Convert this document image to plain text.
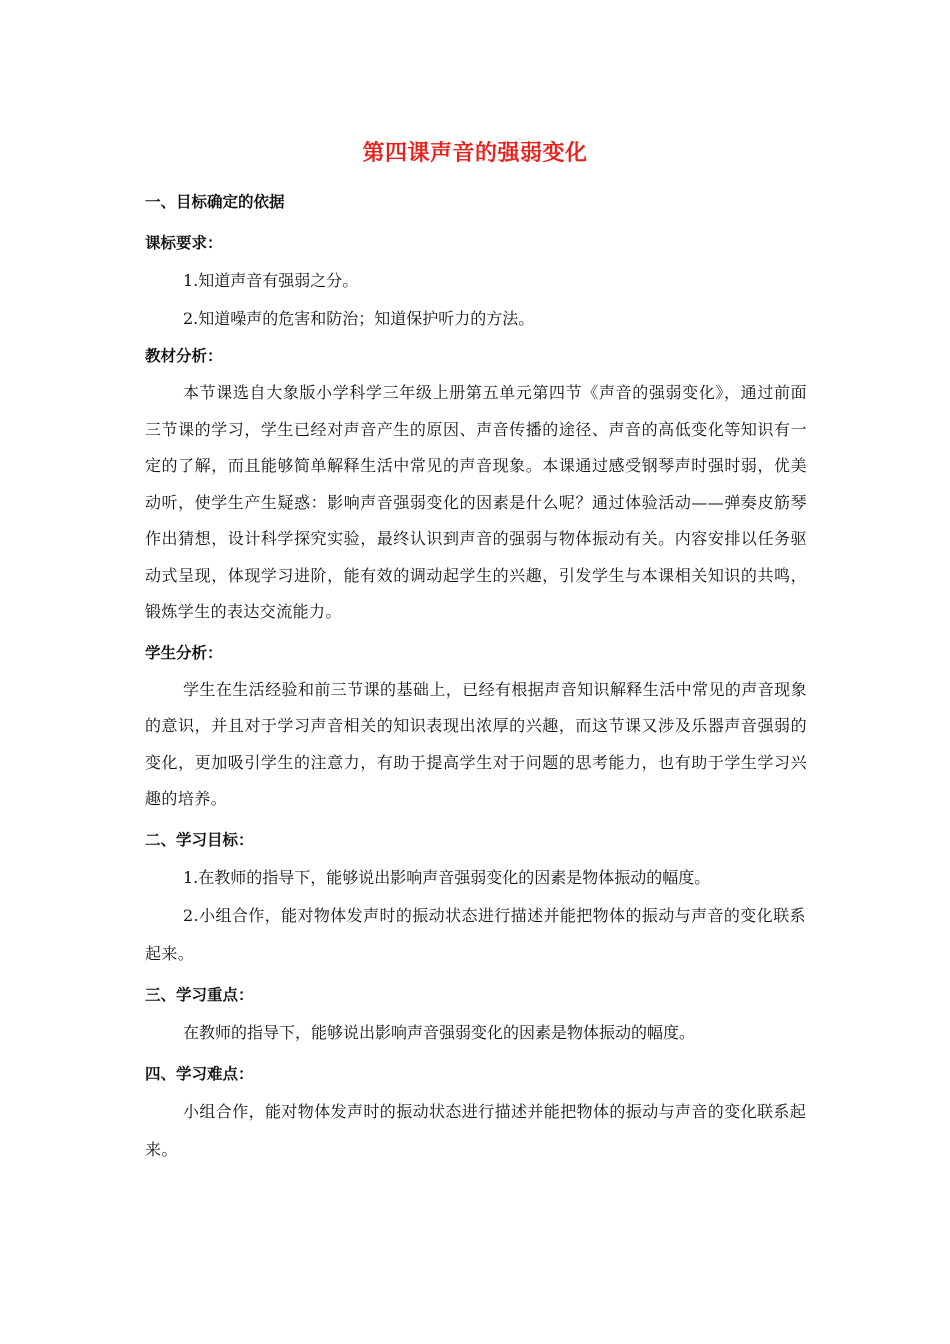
第四课声音的强弱变化
一、目标确定的依据
课标要求：
1.知道声音有强弱之分。
2.知道噪声的危害和防治；知道保护听力的方法。
教材分析：
本节课选自大象版小学科学三年级上册第五单元第四节《声音的强弱变化》，通过前面三节课的学习，学生已经对声音产生的原因、声音传播的途径、声音的高低变化等知识有一定的了解，而且能够简单解释生活中常见的声音现象。本课通过感受钢琴声时强时弱，优美动听，使学生产生疑惑：影响声音强弱变化的因素是什么呢？通过体验活动——弹奏皮筋琴作出猜想，设计科学探究实验，最终认识到声音的强弱与物体振动有关。内容安排以任务驱动式呈现，体现学习进阶，能有效的调动起学生的兴趣，引发学生与本课相关知识的共鸣，锻炼学生的表达交流能力。
学生分析：
学生在生活经验和前三节课的基础上，已经有根据声音知识解释生活中常见的声音现象的意识，并且对于学习声音相关的知识表现出浓厚的兴趣，而这节课又涉及乐器声音强弱的变化，更加吸引学生的注意力，有助于提高学生对于问题的思考能力，也有助于学生学习兴趣的培养。
二、学习目标：
1.在教师的指导下，能够说出影响声音强弱变化的因素是物体振动的幅度。
2.小组合作，能对物体发声时的振动状态进行描述并能把物体的振动与声音的变化联系起来。
三、学习重点：
在教师的指导下，能够说出影响声音强弱变化的因素是物体振动的幅度。
四、学习难点：
小组合作，能对物体发声时的振动状态进行描述并能把物体的振动与声音的变化联系起来。
